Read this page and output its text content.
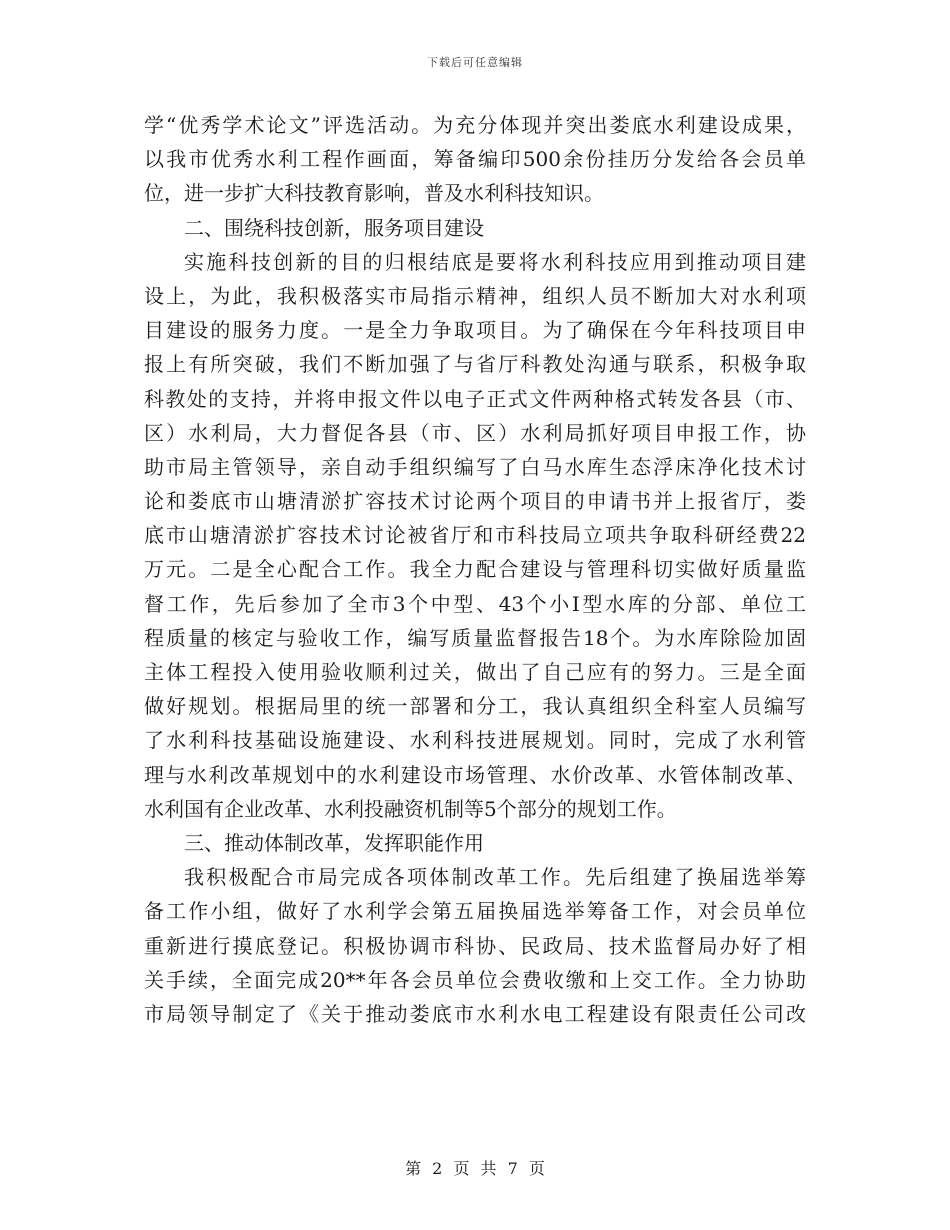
下载后可任意编辑
学“优秀学术论文”评选活动。为充分体现并突出娄底水利建设成果，
以我市优秀水利工程作画面，筹备编印500余份挂历分发给各会员单
位，进一步扩大科技教育影响，普及水利科技知识。
二、围绕科技创新，服务项目建设
实施科技创新的目的归根结底是要将水利科技应用到推动项目建
设上，为此，我积极落实市局指示精神，组织人员不断加大对水利项
目建设的服务力度。一是全力争取项目。为了确保在今年科技项目申
报上有所突破，我们不断加强了与省厅科教处沟通与联系，积极争取
科教处的支持，并将申报文件以电子正式文件两种格式转发各县（市、
区）水利局，大力督促各县（市、区）水利局抓好项目申报工作，协
助市局主管领导，亲自动手组织编写了白马水库生态浮床净化技术讨
论和娄底市山塘清淤扩容技术讨论两个项目的申请书并上报省厅，娄
底市山塘清淤扩容技术讨论被省厅和市科技局立项共争取科研经费22
万元。二是全心配合工作。我全力配合建设与管理科切实做好质量监
督工作，先后参加了全市3个中型、43个小Ⅰ型水库的分部、单位工
程质量的核定与验收工作，编写质量监督报告18个。为水库除险加固
主体工程投入使用验收顺利过关，做出了自己应有的努力。三是全面
做好规划。根据局里的统一部署和分工，我认真组织全科室人员编写
了水利科技基础设施建设、水利科技进展规划。同时，完成了水利管
理与水利改革规划中的水利建设市场管理、水价改革、水管体制改革、
水利国有企业改革、水利投融资机制等5个部分的规划工作。
三、推动体制改革，发挥职能作用
我积极配合市局完成各项体制改革工作。先后组建了换届选举筹
备工作小组，做好了水利学会第五届换届选举筹备工作，对会员单位
重新进行摸底登记。积极协调市科协、民政局、技术监督局办好了相
关手续，全面完成20**年各会员单位会费收缴和上交工作。全力协助
市局领导制定了《关于推动娄底市水利水电工程建设有限责任公司改
第 2 页 共 7 页
